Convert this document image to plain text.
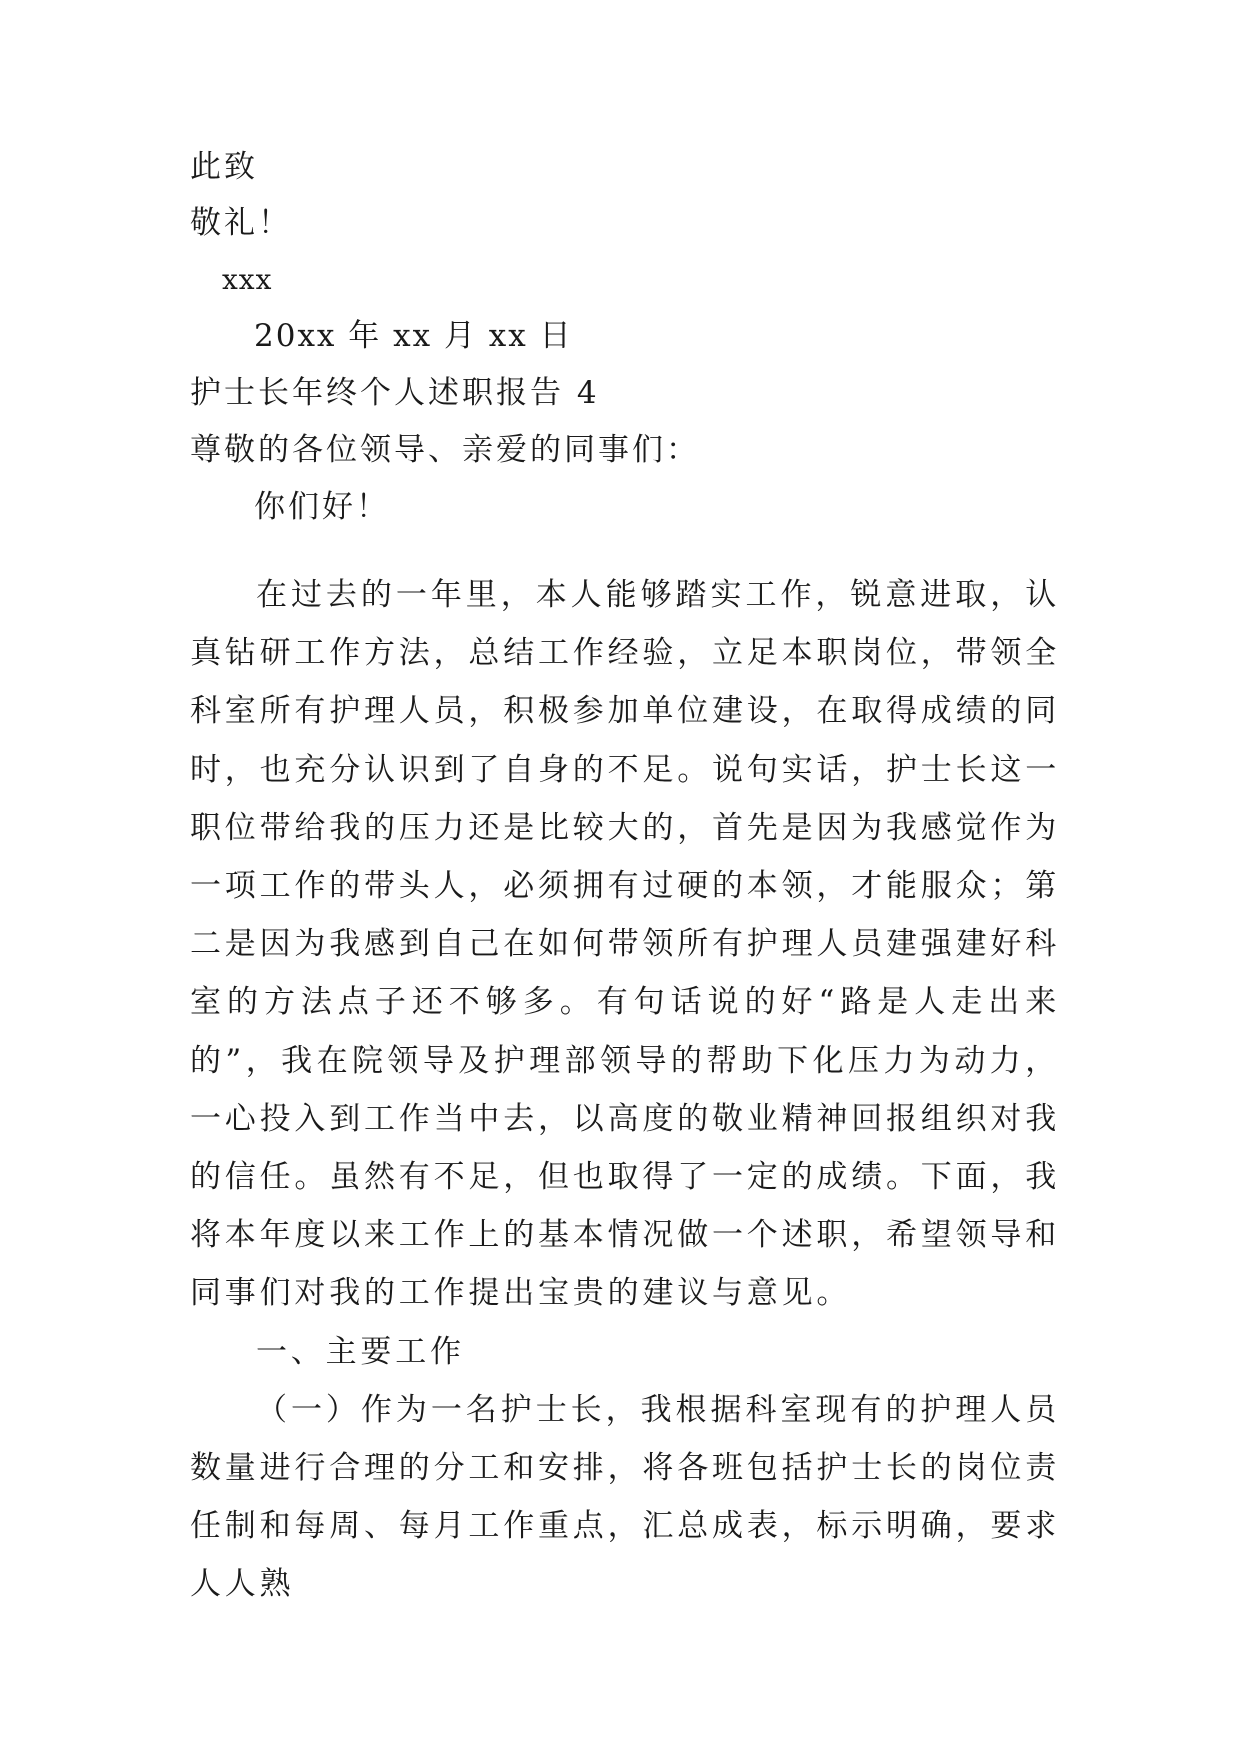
此致
敬礼！
xxx
20xx 年 xx 月 xx 日
护士长年终个人述职报告 4
尊敬的各位领导、亲爱的同事们：
你们好！

在过去的一年里，本人能够踏实工作，锐意进取，认真钻研工作方法，总结工作经验，立足本职岗位，带领全科室所有护理人员，积极参加单位建设，在取得成绩的同时，也充分认识到了自身的不足。说句实话，护士长这一职位带给我的压力还是比较大的，首先是因为我感觉作为一项工作的带头人，必须拥有过硬的本领，才能服众；第二是因为我感到自己在如何带领所有护理人员建强建好科室的方法点子还不够多。有句话说的好“路是人走出来的”，我在院领导及护理部领导的帮助下化压力为动力，一心投入到工作当中去，以高度的敬业精神回报组织对我的信任。虽然有不足，但也取得了一定的成绩。下面，我将本年度以来工作上的基本情况做一个述职，希望领导和同事们对我的工作提出宝贵的建议与意见。

一、主要工作

（一）作为一名护士长，我根据科室现有的护理人员数量进行合理的分工和安排，将各班包括护士长的岗位责任制和每周、每月工作重点，汇总成表，标示明确，要求人人熟
